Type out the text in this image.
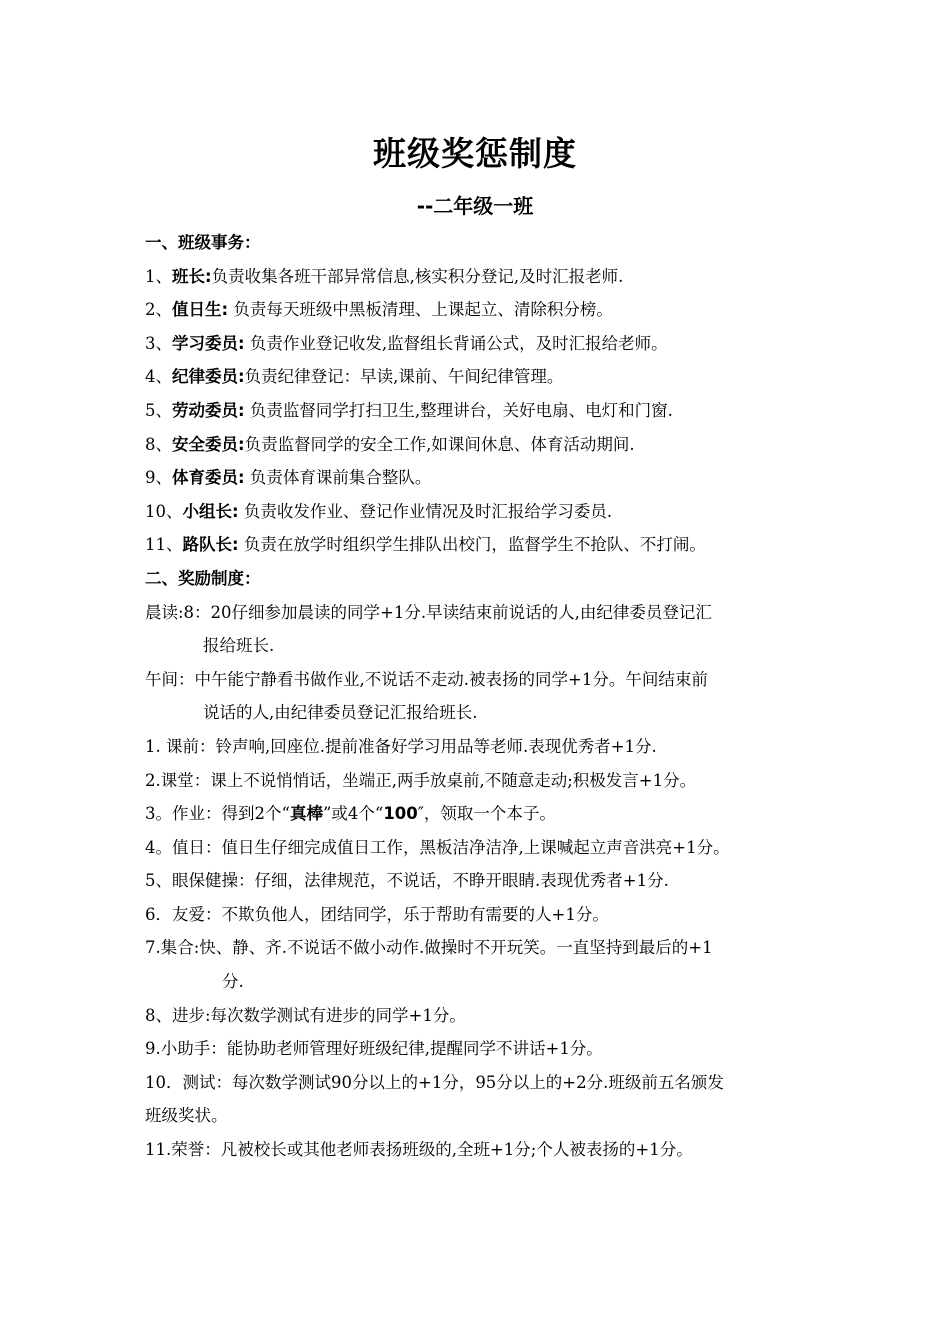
班级奖惩制度
--二年级一班
一、班级事务：
1、班长:负责收集各班干部异常信息,核实积分登记,及时汇报老师.
2、值日生: 负责每天班级中黑板清理、上课起立、清除积分榜。
3、学习委员: 负责作业登记收发,监督组长背诵公式，及时汇报给老师。
4、纪律委员:负责纪律登记：早读,课前、午间纪律管理。
5、劳动委员: 负责监督同学打扫卫生,整理讲台，关好电扇、电灯和门窗.
8、安全委员:负责监督同学的安全工作,如课间休息、体育活动期间.
9、体育委员: 负责体育课前集合整队。
10、小组长: 负责收发作业、登记作业情况及时汇报给学习委员.
11、路队长: 负责在放学时组织学生排队出校门，监督学生不抢队、不打闹。
二、奖励制度：
晨读:8：20仔细参加晨读的同学+1分.早读结束前说话的人,由纪律委员登记汇
报给班长.
午间：中午能宁静看书做作业,不说话不走动.被表扬的同学+1分。午间结束前
说话的人,由纪律委员登记汇报给班长.
1. 课前：铃声响,回座位.提前准备好学习用品等老师.表现优秀者+1分.
2.课堂：课上不说悄悄话，坐端正,两手放桌前,不随意走动;积极发言+1分。
3。作业：得到2个“真棒”或4个“100″，领取一个本子。
4。值日：值日生仔细完成值日工作，黑板洁净洁净,上课喊起立声音洪亮+1分。
5、眼保健操：仔细，法律规范，不说话，不睁开眼睛.表现优秀者+1分.
6．友爱：不欺负他人，团结同学，乐于帮助有需要的人+1分。
7.集合:快、静、齐.不说话不做小动作.做操时不开玩笑。一直坚持到最后的+1
分.
8、进步:每次数学测试有进步的同学+1分。
9.小助手：能协助老师管理好班级纪律,提醒同学不讲话+1分。
10．测试：每次数学测试90分以上的+1分，95分以上的+2分.班级前五名颁发
班级奖状。
11.荣誉：凡被校长或其他老师表扬班级的,全班+1分;个人被表扬的+1分。
